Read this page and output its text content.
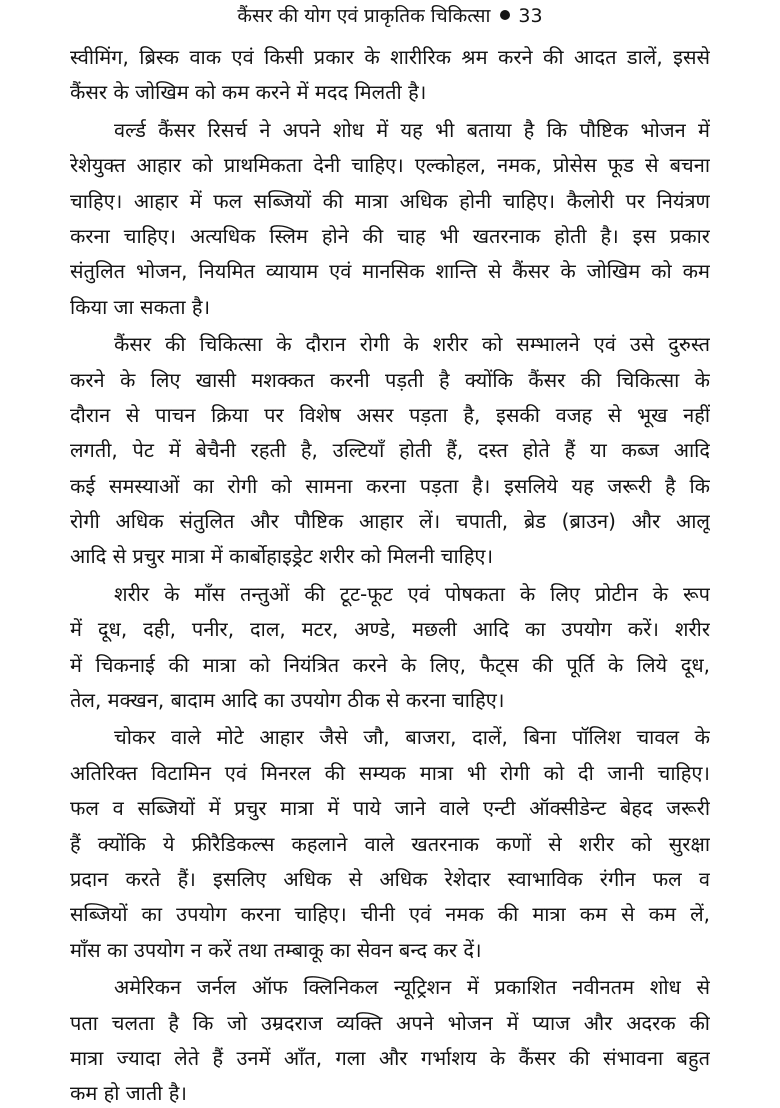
कैंसर की योग एवं प्राकृतिक चिकित्सा 33
स्वीमिंग, ब्रिस्क वाक एवं किसी प्रकार के शारीरिक श्रम करने की आदत डालें, इससे
कैंसर के जोखिम को कम करने में मदद मिलती है।
वर्ल्ड कैंसर रिसर्च ने अपने शोध में यह भी बताया है कि पौष्टिक भोजन में
रेशेयुक्त आहार को प्राथमिकता देनी चाहिए। एल्कोहल, नमक, प्रोसेस फूड से बचना
चाहिए। आहार में फल सब्जियों की मात्रा अधिक होनी चाहिए। कैलोरी पर नियंत्रण
करना चाहिए। अत्यधिक स्लिम होने की चाह भी खतरनाक होती है। इस प्रकार
संतुलित भोजन, नियमित व्यायाम एवं मानसिक शान्ति से कैंसर के जोखिम को कम
किया जा सकता है।
कैंसर की चिकित्सा के दौरान रोगी के शरीर को सम्भालने एवं उसे दुरुस्त
करने के लिए खासी मशक्कत करनी पड़ती है क्योंकि कैंसर की चिकित्सा के
दौरान से पाचन क्रिया पर विशेष असर पड़ता है, इसकी वजह से भूख नहीं
लगती, पेट में बेचैनी रहती है, उल्टियाँ होती हैं, दस्त होते हैं या कब्ज आदि
कई समस्याओं का रोगी को सामना करना पड़ता है। इसलिये यह जरूरी है कि
रोगी अधिक संतुलित और पौष्टिक आहार लें। चपाती, ब्रेड (ब्राउन) और आलू
आदि से प्रचुर मात्रा में कार्बोहाइड्रेट शरीर को मिलनी चाहिए।
शरीर के माँस तन्तुओं की टूट-फूट एवं पोषकता के लिए प्रोटीन के रूप
में दूध, दही, पनीर, दाल, मटर, अण्डे, मछली आदि का उपयोग करें। शरीर
में चिकनाई की मात्रा को नियंत्रित करने के लिए, फैट्स की पूर्ति के लिये दूध,
तेल, मक्खन, बादाम आदि का उपयोग ठीक से करना चाहिए।
चोकर वाले मोटे आहार जैसे जौ, बाजरा, दालें, बिना पॉलिश चावल के
अतिरिक्त विटामिन एवं मिनरल की सम्यक मात्रा भी रोगी को दी जानी चाहिए।
फल व सब्जियों में प्रचुर मात्रा में पाये जाने वाले एन्टी ऑक्सीडेन्ट बेहद जरूरी
हैं क्योंकि ये फ्रीरैडिकल्स कहलाने वाले खतरनाक कणों से शरीर को सुरक्षा
प्रदान करते हैं। इसलिए अधिक से अधिक रेशेदार स्वाभाविक रंगीन फल व
सब्जियों का उपयोग करना चाहिए। चीनी एवं नमक की मात्रा कम से कम लें,
माँस का उपयोग न करें तथा तम्बाकू का सेवन बन्द कर दें।
अमेरिकन जर्नल ऑफ क्लिनिकल न्यूट्रिशन में प्रकाशित नवीनतम शोध से
पता चलता है कि जो उम्रदराज व्यक्ति अपने भोजन में प्याज और अदरक की
मात्रा ज्यादा लेते हैं उनमें आँत, गला और गर्भाशय के कैंसर की संभावना बहुत
कम हो जाती है।
